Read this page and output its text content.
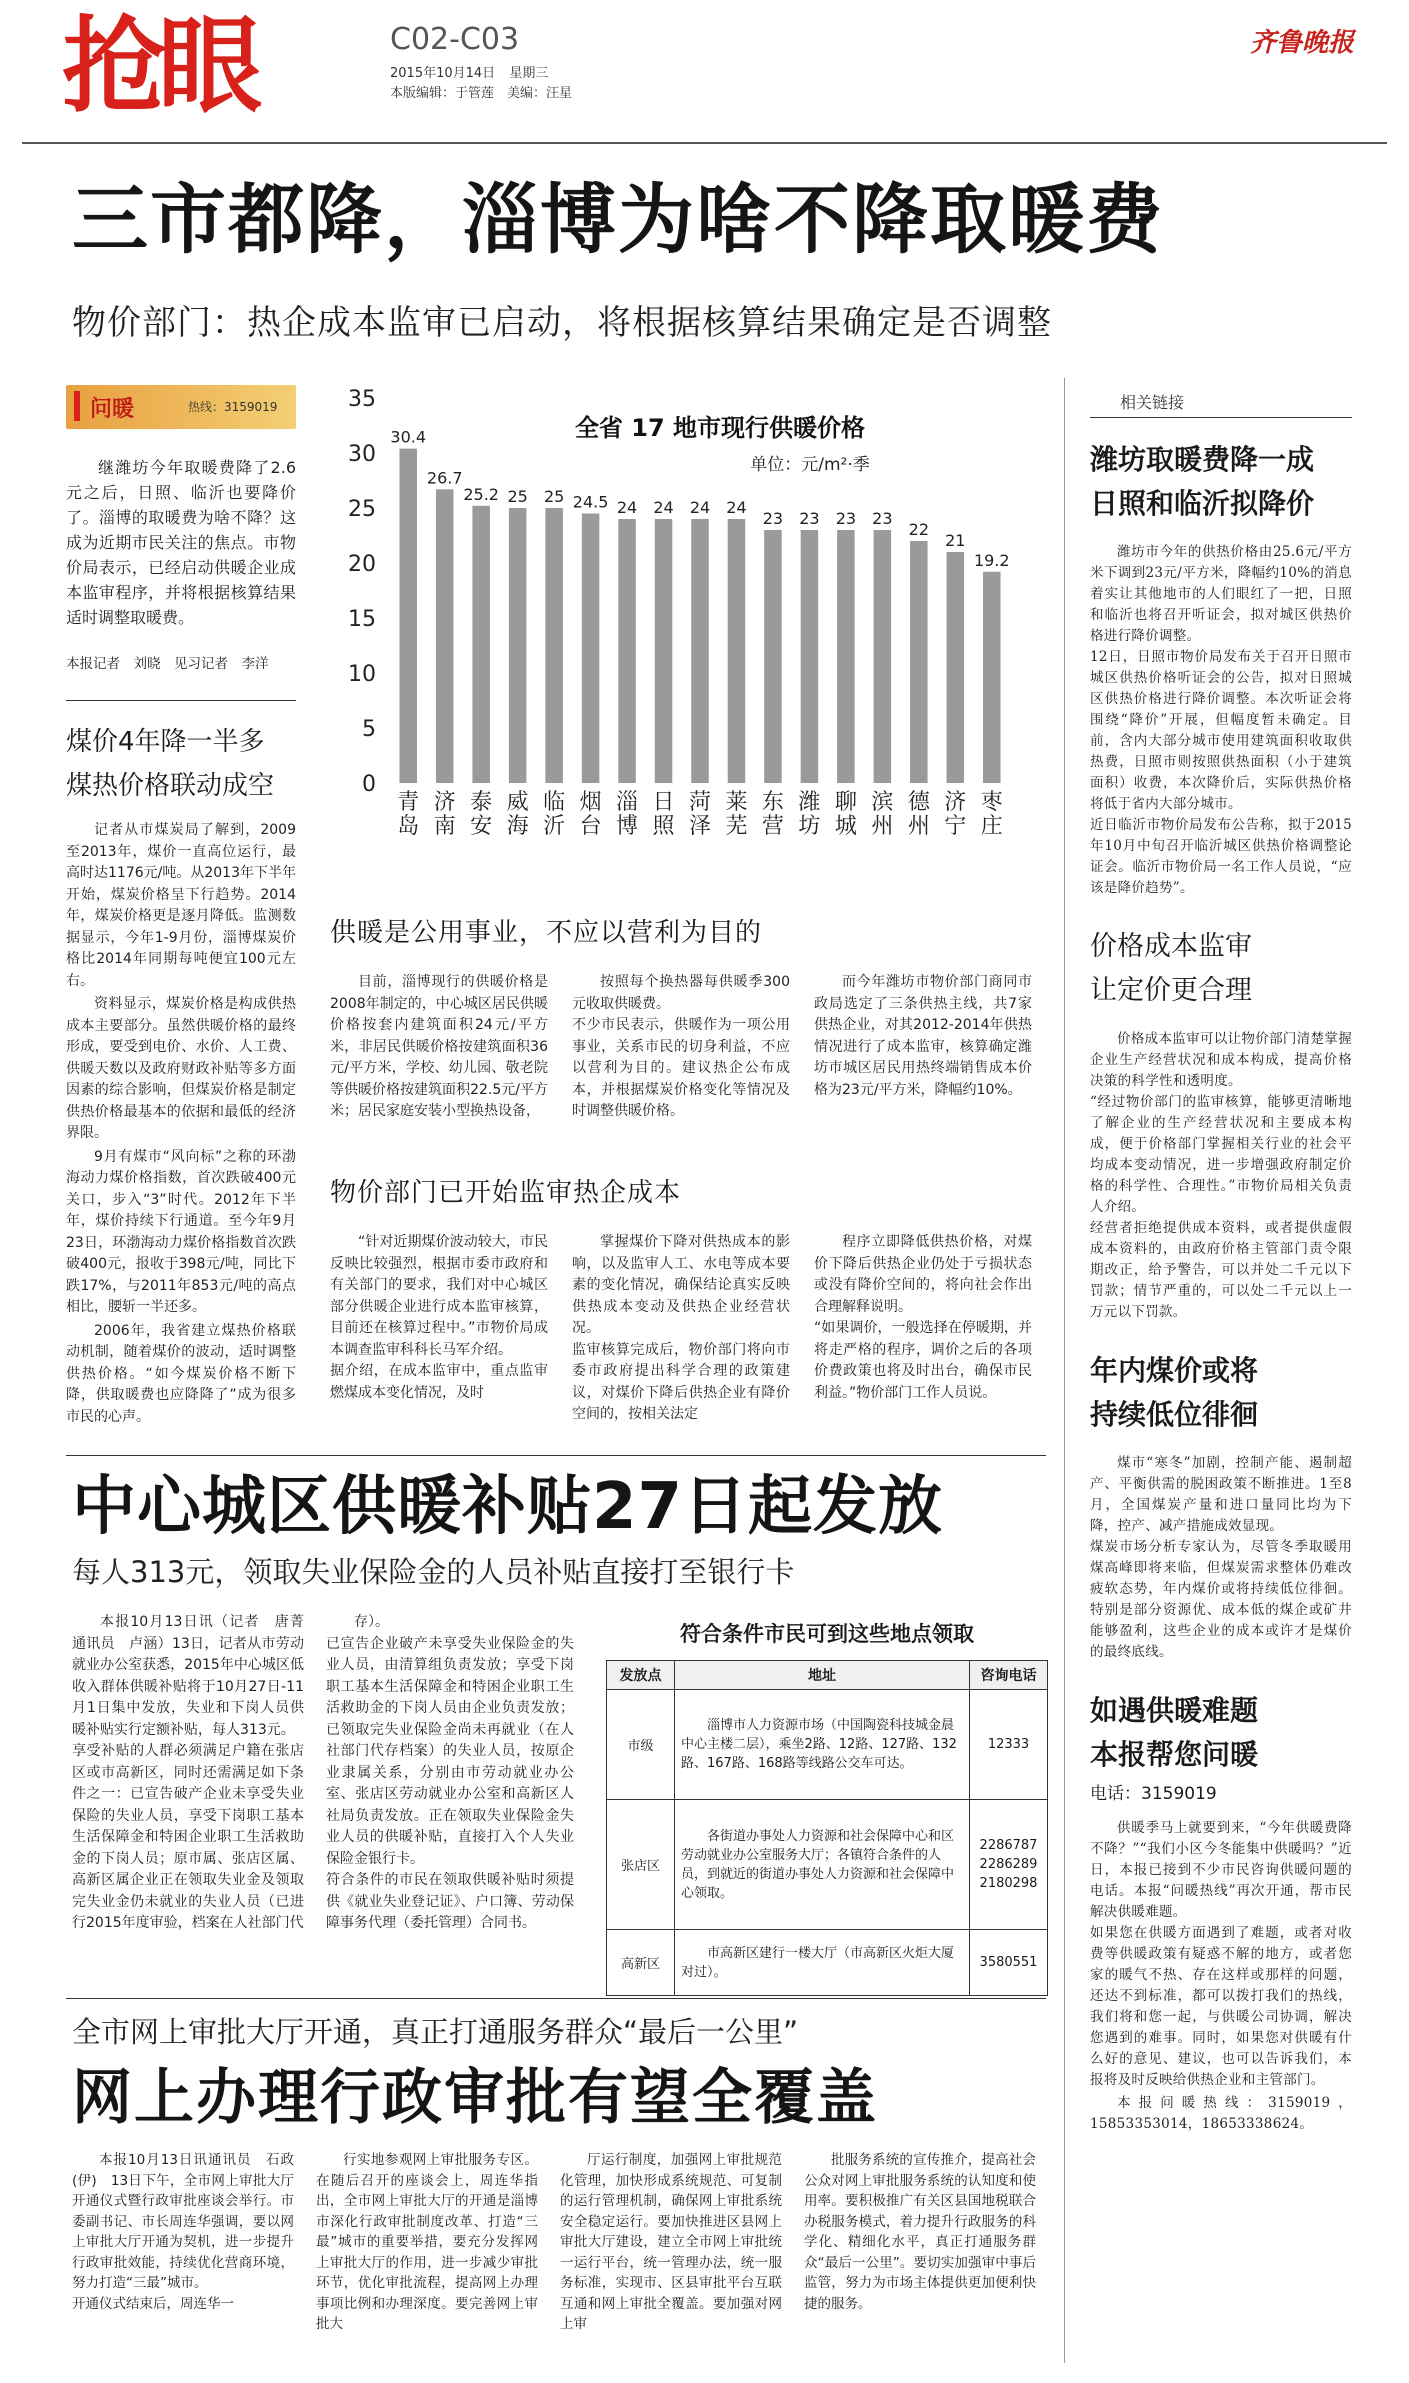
抢眼	C02-C03
2015年10月14日 星期三
本版编辑：于管莲　美编：汪星
齐鲁晚报
三市都降，淄博为啥不降取暖费
物价部门：热企成本监审已启动，将根据核算结果确定是否调整
问暖	热线：3159019

继潍坊今年取暖费降了2.6元之后，日照、临沂也要降价了。淄博的取暖费为啥不降？这成为近期市民关注的焦点。市物价局表示，已经启动供暖企业成本监审程序，并将根据核算结果适时调整取暖费。

本报记者　刘晓　见习记者　李洋
煤价4年降一半多
煤热价格联动成空

记者从市煤炭局了解到，2009至2013年，煤价一直高位运行，最高时达1176元/吨。从2013年下半年开始，煤炭价格呈下行趋势。2014年，煤炭价格更是逐月降低。监测数据显示，今年1-9月份，淄博煤炭价格比2014年同期每吨便宜100元左右。

资料显示，煤炭价格是构成供热成本主要部分。虽然供暖价格的最终形成，要受到电价、水价、人工费、供暖天数以及政府财政补贴等多方面因素的综合影响，但煤炭价格是制定供热价格最基本的依据和最低的经济界限。

9月有煤市“风向标”之称的环渤海动力煤价格指数，首次跌破400元关口，步入“3”时代。2012年下半年，煤价持续下行通道。至今年9月23日，环渤海动力煤价格指数首次跌破400元，报收于398元/吨，同比下跌17%，与2011年853元/吨的高点相比，腰斩一半还多。

2006年，我省建立煤热价格联动机制，随着煤价的波动，适时调整供热价格。“如今煤炭价格不断下降，供取暖费也应降降了”成为很多市民的心声。

0
5
10
15
20
25
30
35
全省 17 地市现行供暖价格
单位：元/m²·季
30.4
青
岛
26.7
济
南
25.2
泰
安
25
威
海
25
临
沂
24.5
烟
台
24
淄
博
24
日
照
24
菏
泽
24
莱
芜
23
东
营
23
潍
坊
23
聊
城
23
滨
州
22
德
州
21
济
宁
19.2
枣
庄
供暖是公用事业，不应以营利为目的

目前，淄博现行的供暖价格是2008年制定的，中心城区居民供暖价格按套内建筑面积24元/平方米，非居民供暖价格按建筑面积36元/平方米，学校、幼儿园、敬老院等供暖价格按建筑面积22.5元/平方米；居民家庭安装小型换热设备，

按照每个换热器每供暖季300元收取供暖费。
不少市民表示，供暖作为一项公用事业，关系市民的切身利益，不应以营利为目的。建议热企公布成本，并根据煤炭价格变化等情况及时调整供暖价格。

而今年潍坊市物价部门商同市政局选定了三条供热主线，共7家供热企业，对其2012-2014年供热情况进行了成本监审，核算确定潍坊市城区居民用热终端销售成本价格为23元/平方米，降幅约10%。

物价部门已开始监审热企成本

“针对近期煤价波动较大，市民反映比较强烈，根据市委市政府和有关部门的要求，我们对中心城区部分供暖企业进行成本监审核算，目前还在核算过程中。”市物价局成本调查监审科科长马军介绍。
据介绍，在成本监审中，重点监审燃煤成本变化情况，及时

掌握煤价下降对供热成本的影响，以及监审人工、水电等成本要素的变化情况，确保结论真实反映供热成本变动及供热企业经营状况。
监审核算完成后，物价部门将向市委市政府提出科学合理的政策建议，对煤价下降后供热企业有降价空间的，按相关法定

程序立即降低供热价格，对煤价下降后供热企业仍处于亏损状态或没有降价空间的，将向社会作出合理解释说明。
“如果调价，一般选择在停暖期，并将走严格的程序，调价之后的各项价费政策也将及时出台，确保市民利益。”物价部门工作人员说。

中心城区供暖补贴27日起发放
每人313元，领取失业保险金的人员补贴直接打至银行卡

本报10月13日讯（记者　唐菁　通讯员　卢涵）13日，记者从市劳动就业办公室获悉，2015年中心城区低收入群体供暖补贴将于10月27日-11月1日集中发放，失业和下岗人员供暖补贴实行定额补贴，每人313元。
享受补贴的人群必须满足户籍在张店区或市高新区，同时还需满足如下条件之一：已宣告破产企业未享受失业保险的失业人员，享受下岗职工基本生活保障金和特困企业职工生活救助金的下岗人员；原市属、张店区属、高新区属企业正在领取失业金及领取完失业金仍未就业的失业人员（已进行2015年度审验，档案在人社部门代

存）。
已宣告企业破产未享受失业保险金的失业人员，由清算组负责发放；享受下岗职工基本生活保障金和特困企业职工生活救助金的下岗人员由企业负责发放；已领取完失业保险金尚未再就业（在人社部门代存档案）的失业人员，按原企业隶属关系，分别由市劳动就业办公室、张店区劳动就业办公室和高新区人社局负责发放。正在领取失业保险金失业人员的供暖补贴，直接打入个人失业保险金银行卡。
符合条件的市民在领取供暖补贴时须提供《就业失业登记证》、户口簿、劳动保障事务代理（委托管理）合同书。

符合条件市民可到这些地点领取
发放点	地址	咨询电话
市级	淄博市人力资源市场（中国陶瓷科技城金晨中心主楼二层），乘坐2路、12路、127路、132路、167路、168路等线路公交车可达。	12333
张店区	各街道办事处人力资源和社会保障中心和区劳动就业办公室服务大厅；各镇符合条件的人员，到就近的街道办事处人力资源和社会保障中心领取。	2286787
2286289
2180298
高新区	市高新区建行一楼大厅（市高新区火炬大厦对过）。	3580551
全市网上审批大厅开通，真正打通服务群众“最后一公里”
网上办理行政审批有望全覆盖

本报10月13日讯通讯员　石政(伊)　13日下午，全市网上审批大厅开通仪式暨行政审批座谈会举行。市委副书记、市长周连华强调，要以网上审批大厅开通为契机，进一步提升行政审批效能，持续优化营商环境，努力打造“三最”城市。
开通仪式结束后，周连华一

行实地参观网上审批服务专区。在随后召开的座谈会上，周连华指出，全市网上审批大厅的开通是淄博市深化行政审批制度改革、打造“三最”城市的重要举措，要充分发挥网上审批大厅的作用，进一步减少审批环节，优化审批流程，提高网上办理事项比例和办理深度。要完善网上审批大

厅运行制度，加强网上审批规范化管理，加快形成系统规范、可复制的运行管理机制，确保网上审批系统安全稳定运行。要加快推进区县网上审批大厅建设，建立全市网上审批统一运行平台，统一管理办法，统一服务标准，实现市、区县审批平台互联互通和网上审批全覆盖。要加强对网上审

批服务系统的宣传推介，提高社会公众对网上审批服务系统的认知度和使用率。要积极推广有关区县国地税联合办税服务模式，着力提升行政服务的科学化、精细化水平，真正打通服务群众“最后一公里”。要切实加强审中事后监管，努力为市场主体提供更加便利快捷的服务。

相关链接
潍坊取暖费降一成
日照和临沂拟降价

潍坊市今年的供热价格由25.6元/平方米下调到23元/平方米，降幅约10%的消息着实让其他地市的人们眼红了一把，日照和临沂也将召开听证会，拟对城区供热价格进行降价调整。
12日，日照市物价局发布关于召开日照市城区供热价格听证会的公告，拟对日照城区供热价格进行降价调整。本次听证会将围绕“降价”开展，但幅度暂未确定。目前，含内大部分城市使用建筑面积收取供热费，日照市则按照供热面积（小于建筑面积）收费，本次降价后，实际供热价格将低于省内大部分城市。
近日临沂市物价局发布公告称，拟于2015年10月中旬召开临沂城区供热价格调整论证会。临沂市物价局一名工作人员说，“应该是降价趋势”。

价格成本监审
让定价更合理

价格成本监审可以让物价部门清楚掌握企业生产经营状况和成本构成，提高价格决策的科学性和透明度。
“经过物价部门的监审核算，能够更清晰地了解企业的生产经营状况和主要成本构成，便于价格部门掌握相关行业的社会平均成本变动情况，进一步增强政府制定价格的科学性、合理性。”市物价局相关负责人介绍。
经营者拒绝提供成本资料，或者提供虚假成本资料的，由政府价格主管部门责令限期改正，给予警告，可以并处二千元以下罚款；情节严重的，可以处二千元以上一万元以下罚款。

年内煤价或将
持续低位徘徊

煤市“寒冬”加剧，控制产能、遏制超产、平衡供需的脱困政策不断推进。1至8月，全国煤炭产量和进口量同比均为下降，控产、减产措施成效显现。
煤炭市场分析专家认为，尽管冬季取暖用煤高峰即将来临，但煤炭需求整体仍难改疲软态势，年内煤价或将持续低位徘徊。特别是部分资源优、成本低的煤企或矿井能够盈利，这些企业的成本或许才是煤价的最终底线。

如遇供暖难题
本报帮您问暖
电话：3159019

供暖季马上就要到来，“今年供暖费降不降？”“我们小区今冬能集中供暖吗？”近日，本报已接到不少市民咨询供暖问题的电话。本报“问暖热线”再次开通，帮市民解决供暖难题。
如果您在供暖方面遇到了难题，或者对收费等供暖政策有疑惑不解的地方，或者您家的暖气不热、存在这样或那样的问题，还达不到标准，都可以拨打我们的热线，我们将和您一起，与供暖公司协调，解决您遇到的难事。同时，如果您对供暖有什么好的意见、建议，也可以告诉我们，本报将及时反映给供热企业和主管部门。

本报问暖热线：3159019，15853353014，18653338624。
